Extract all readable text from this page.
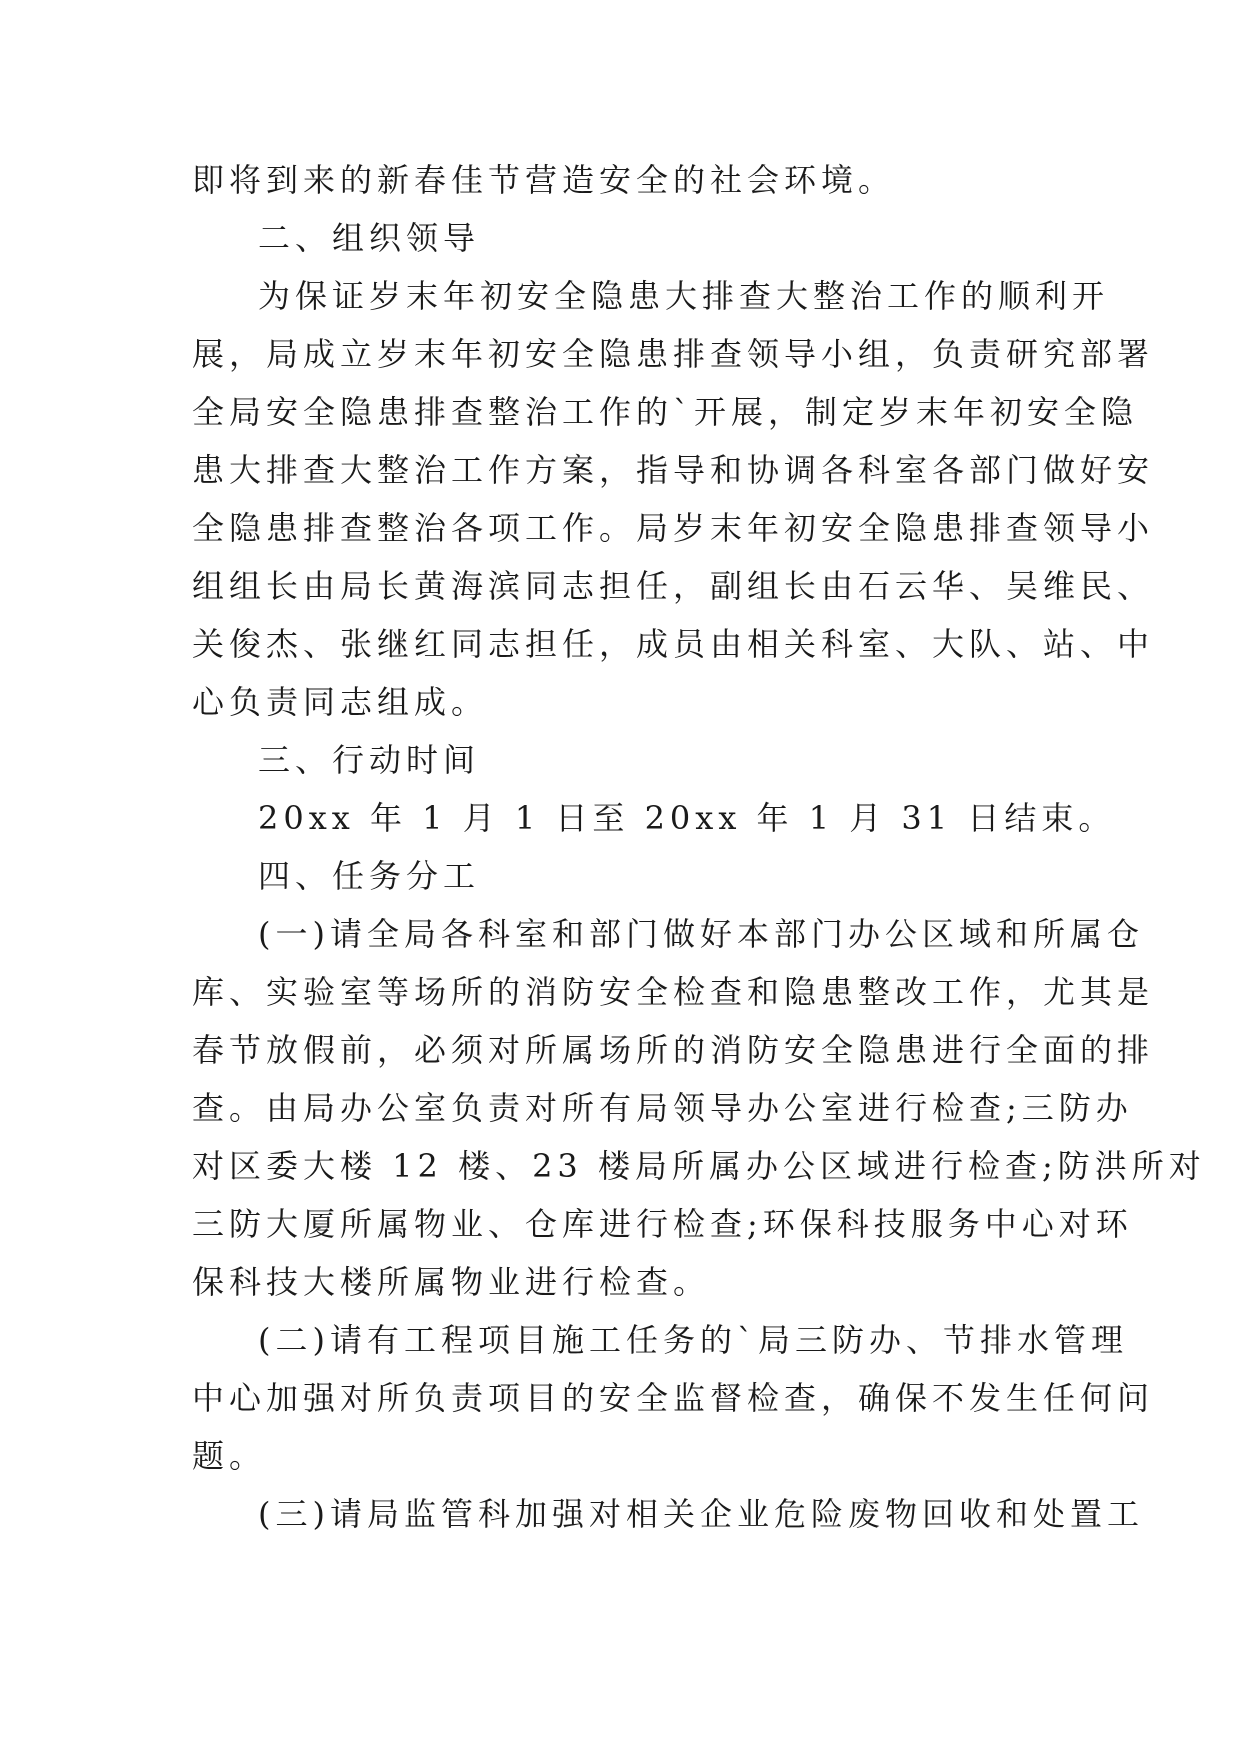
即将到来的新春佳节营造安全的社会环境。
二、组织领导
为保证岁末年初安全隐患大排查大整治工作的顺利开
展，局成立岁末年初安全隐患排查领导小组，负责研究部署
全局安全隐患排查整治工作的`开展，制定岁末年初安全隐
患大排查大整治工作方案，指导和协调各科室各部门做好安
全隐患排查整治各项工作。局岁末年初安全隐患排查领导小
组组长由局长黄海滨同志担任，副组长由石云华、吴维民、
关俊杰、张继红同志担任，成员由相关科室、大队、站、中
心负责同志组成。
三、行动时间
20xx 年 1 月 1 日至 20xx 年 1 月 31 日结束。
四、任务分工
(一)请全局各科室和部门做好本部门办公区域和所属仓
库、实验室等场所的消防安全检查和隐患整改工作，尤其是
春节放假前，必须对所属场所的消防安全隐患进行全面的排
查。由局办公室负责对所有局领导办公室进行检查;三防办
对区委大楼 12 楼、23 楼局所属办公区域进行检查;防洪所对
三防大厦所属物业、仓库进行检查;环保科技服务中心对环
保科技大楼所属物业进行检查。
(二)请有工程项目施工任务的`局三防办、节排水管理
中心加强对所负责项目的安全监督检查，确保不发生任何问
题。
(三)请局监管科加强对相关企业危险废物回收和处置工
